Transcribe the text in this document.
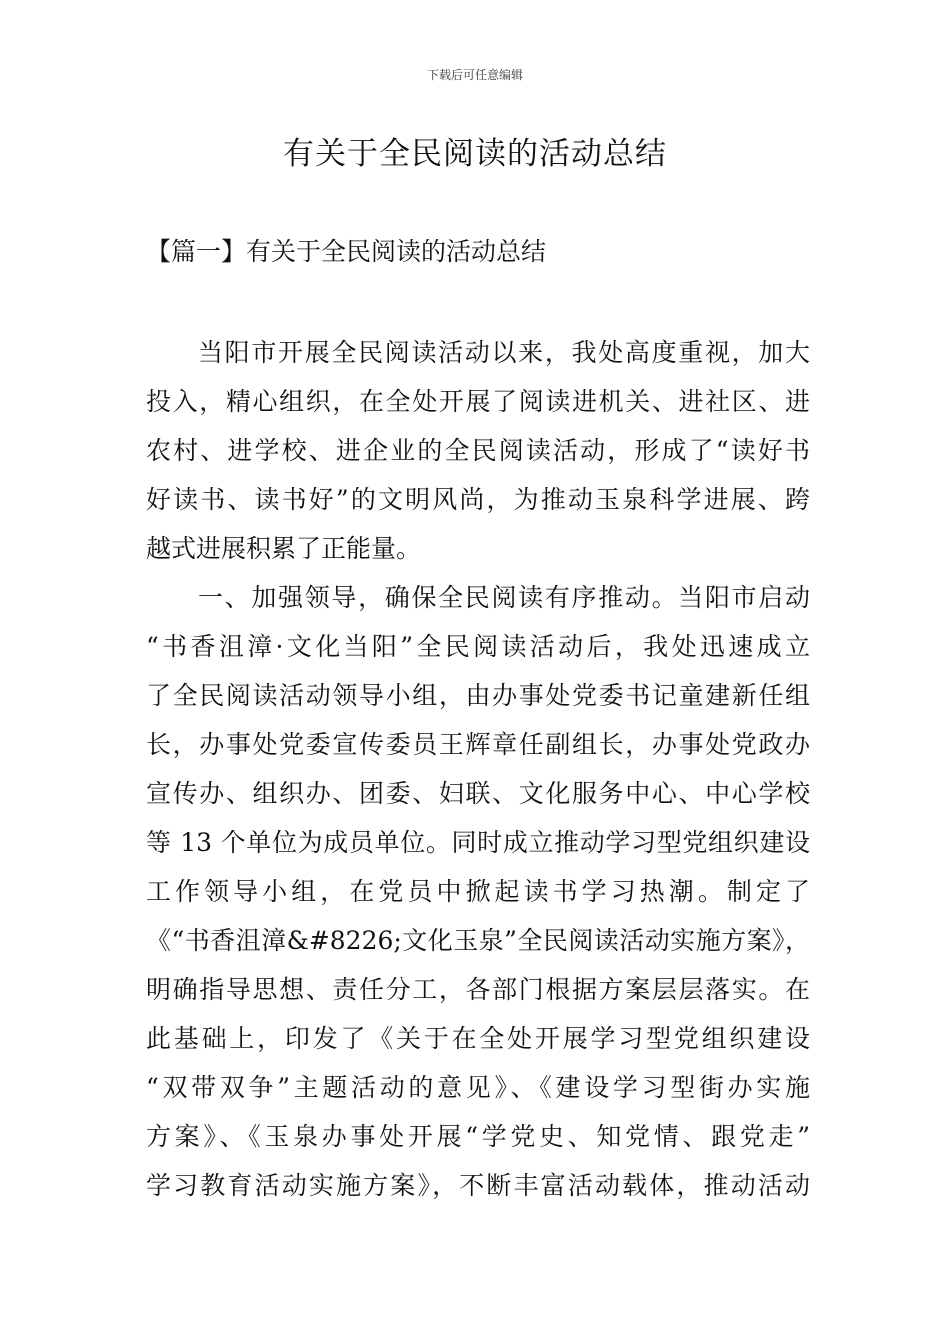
下载后可任意编辑
有关于全民阅读的活动总结
【篇一】有关于全民阅读的活动总结

当阳市开展全民阅读活动以来，我处高度重视，加大
投入，精心组织，在全处开展了阅读进机关、进社区、进
农村、进学校、进企业的全民阅读活动，形成了“读好书
好读书、读书好”的文明风尚，为推动玉泉科学进展、跨
越式进展积累了正能量。

一、加强领导，确保全民阅读有序推动。当阳市启动
“书香沮漳·文化当阳”全民阅读活动后，我处迅速成立
了全民阅读活动领导小组，由办事处党委书记童建新任组
长，办事处党委宣传委员王辉章任副组长，办事处党政办
宣传办、组织办、团委、妇联、文化服务中心、中心学校
等 13 个单位为成员单位。同时成立推动学习型党组织建设
工作领导小组，在党员中掀起读书学习热潮。制定了
《“书香沮漳&#8226;文化玉泉”全民阅读活动实施方案》，
明确指导思想、责任分工，各部门根据方案层层落实。在
此基础上，印发了《关于在全处开展学习型党组织建设
“双带双争”主题活动的意见》、《建设学习型街办实施
方案》、《玉泉办事处开展“学党史、知党情、跟党走”
学习教育活动实施方案》，不断丰富活动载体，推动活动
